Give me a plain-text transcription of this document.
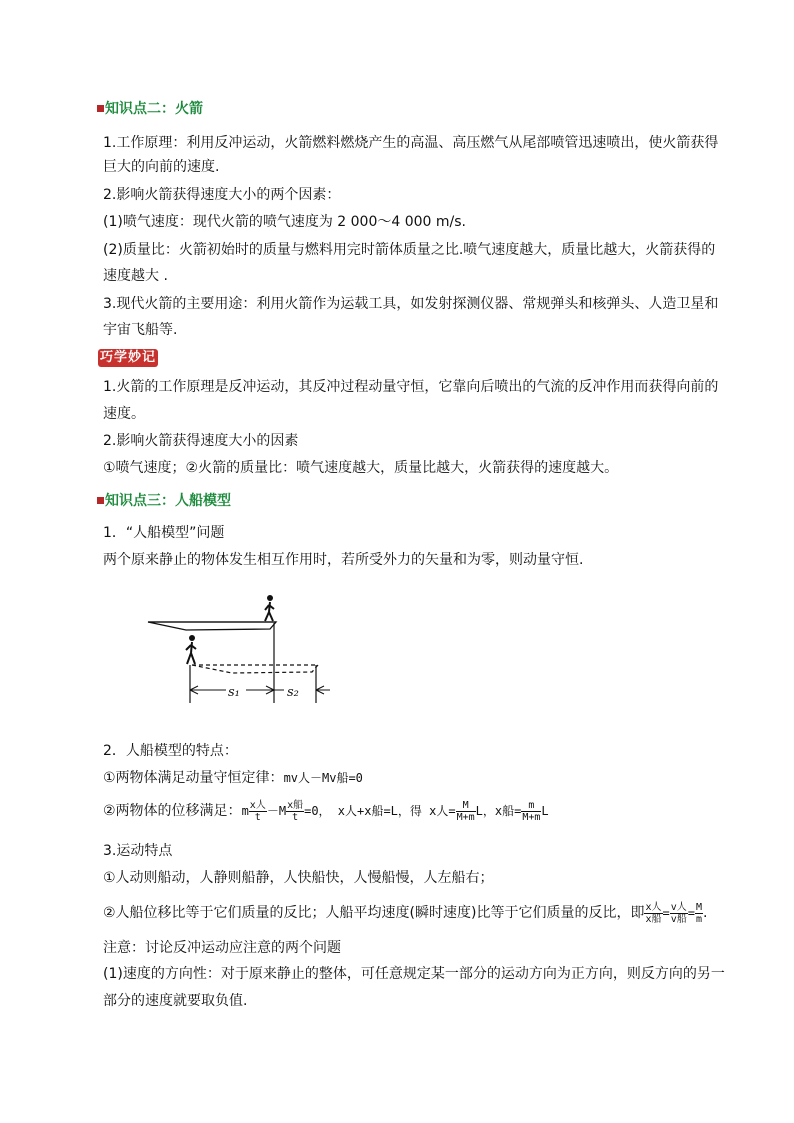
知识点二：火箭
1.工作原理：利用反冲运动，火箭燃料燃烧产生的高温、高压燃气从尾部喷管迅速喷出，使火箭获得
巨大的向前的速度.
2.影响火箭获得速度大小的两个因素：
(1)喷气速度：现代火箭的喷气速度为 2 000～4 000 m/s.
(2)质量比：火箭初始时的质量与燃料用完时箭体质量之比.喷气速度越大，质量比越大，火箭获得的
速度越大 .
3.现代火箭的主要用途：利用火箭作为运载工具，如发射探测仪器、常规弹头和核弹头、人造卫星和
宇宙飞船等.
巧学妙记
1.火箭的工作原理是反冲运动，其反冲过程动量守恒，它靠向后喷出的气流的反冲作用而获得向前的
速度。
2.影响火箭获得速度大小的因素
①喷气速度；②火箭的质量比：喷气速度越大，质量比越大，火箭获得的速度越大。
知识点三：人船模型
1．“人船模型”问题
两个原来静止的物体发生相互作用时，若所受外力的矢量和为零，则动量守恒.
s₁	s₂
2．人船模型的特点：
①两物体满足动量守恒定律：mv人－Mv船=0
②两物体的位移满足：m $\frac{\text{x人}}{t} -M \frac{\text{x船}}{t} =0$， x人+x船=L，得 x人= $\frac{M}{M+m}$ L，x船= $\frac{m}{M+m}$ L
3.运动特点
①人动则船动，人静则船静，人快船快，人慢船慢，人左船右；
②人船位移比等于它们质量的反比；人船平均速度(瞬时速度)比等于它们质量的反比，即 $\frac{\text{x人}}{\text{x船}} = \frac{\text{v人}}{\text{v船}} = \frac{M}{m}$ .
注意：讨论反冲运动应注意的两个问题
(1)速度的方向性：对于原来静止的整体，可任意规定某一部分的运动方向为正方向，则反方向的另一
部分的速度就要取负值.
